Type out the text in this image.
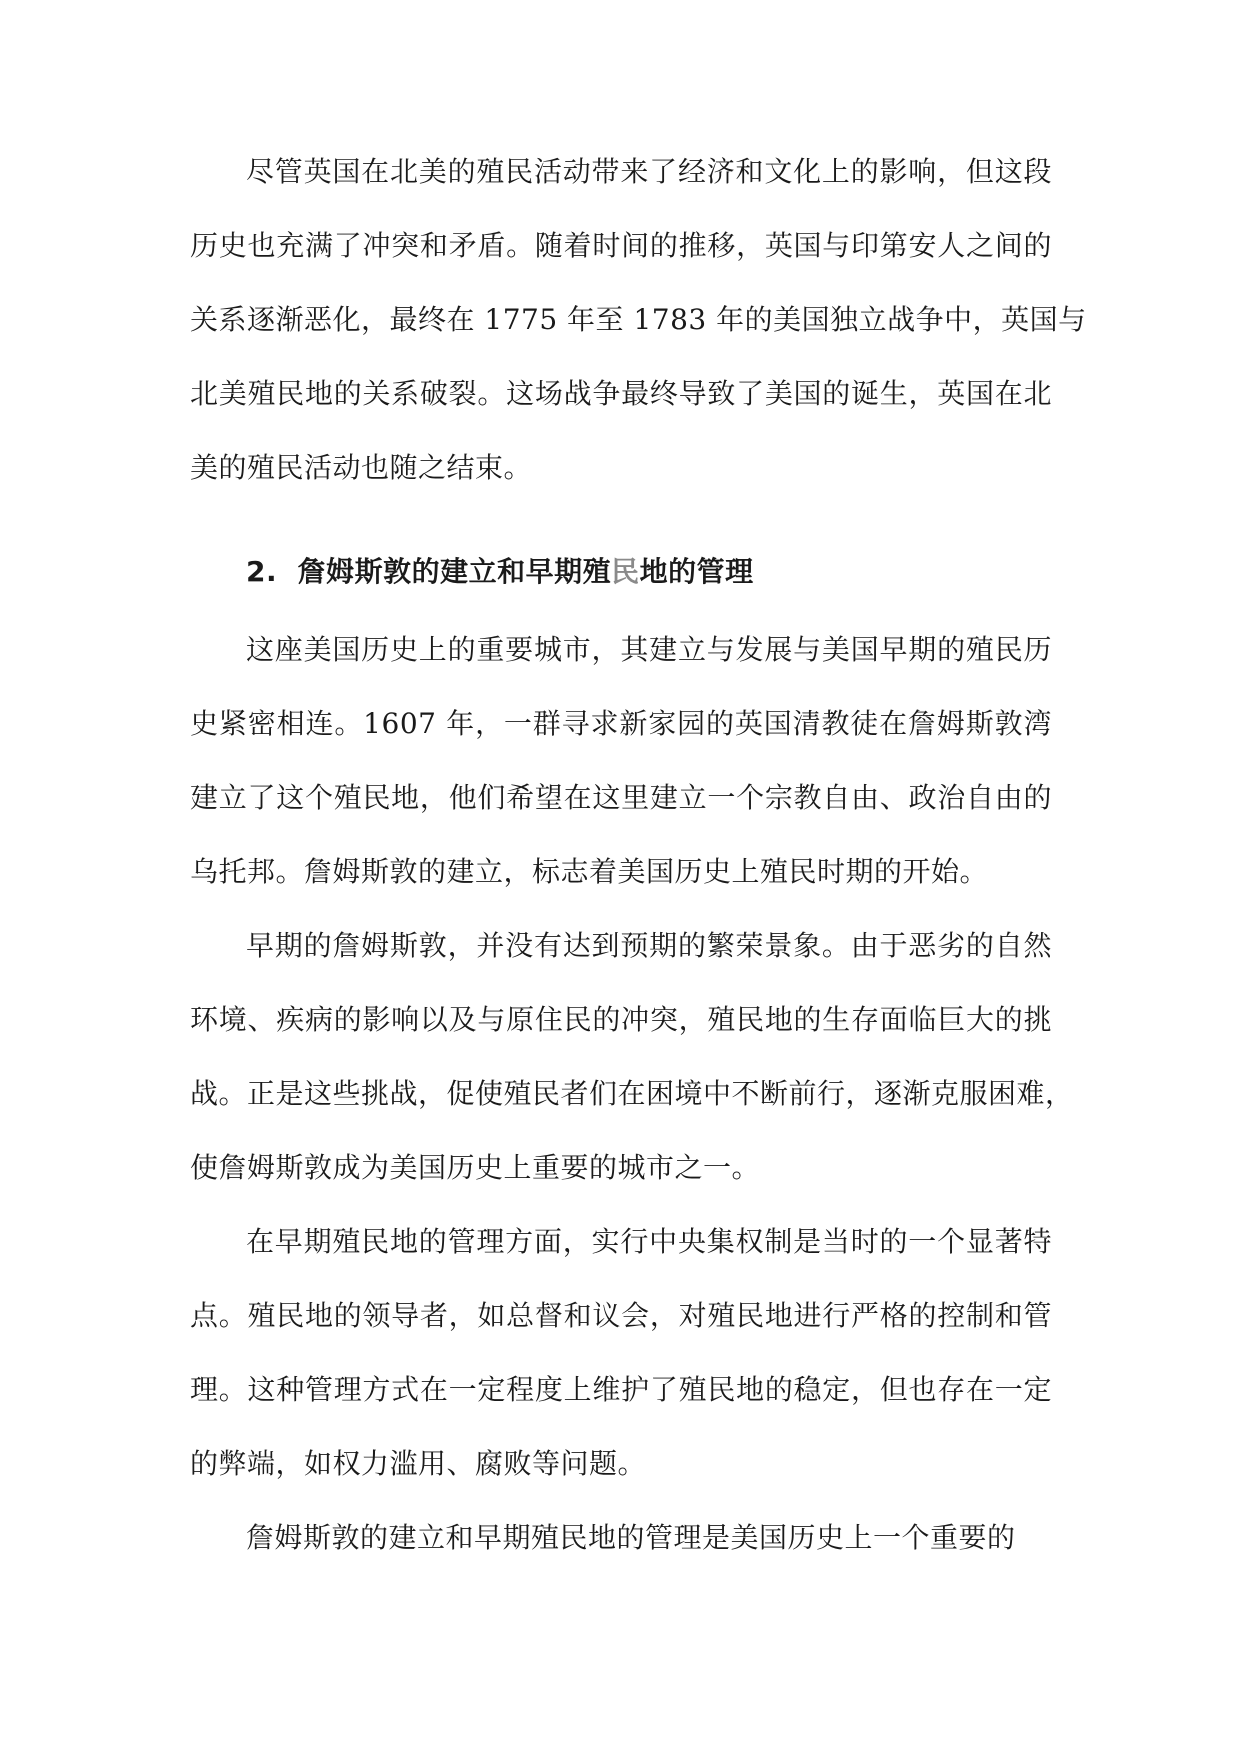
尽管英国在北美的殖民活动带来了经济和文化上的影响，但这段
历史也充满了冲突和矛盾。随着时间的推移，英国与印第安人之间的
关系逐渐恶化，最终在 1775 年至 1783 年的美国独立战争中，英国与
北美殖民地的关系破裂。这场战争最终导致了美国的诞生，英国在北
美的殖民活动也随之结束。
2. 詹姆斯敦的建立和早期殖民地的管理
这座美国历史上的重要城市，其建立与发展与美国早期的殖民历
史紧密相连。1607 年，一群寻求新家园的英国清教徒在詹姆斯敦湾
建立了这个殖民地，他们希望在这里建立一个宗教自由、政治自由的
乌托邦。詹姆斯敦的建立，标志着美国历史上殖民时期的开始。
早期的詹姆斯敦，并没有达到预期的繁荣景象。由于恶劣的自然
环境、疾病的影响以及与原住民的冲突，殖民地的生存面临巨大的挑
战。正是这些挑战，促使殖民者们在困境中不断前行，逐渐克服困难，
使詹姆斯敦成为美国历史上重要的城市之一。
在早期殖民地的管理方面，实行中央集权制是当时的一个显著特
点。殖民地的领导者，如总督和议会，对殖民地进行严格的控制和管
理。这种管理方式在一定程度上维护了殖民地的稳定，但也存在一定
的弊端，如权力滥用、腐败等问题。
詹姆斯敦的建立和早期殖民地的管理是美国历史上一个重要的
